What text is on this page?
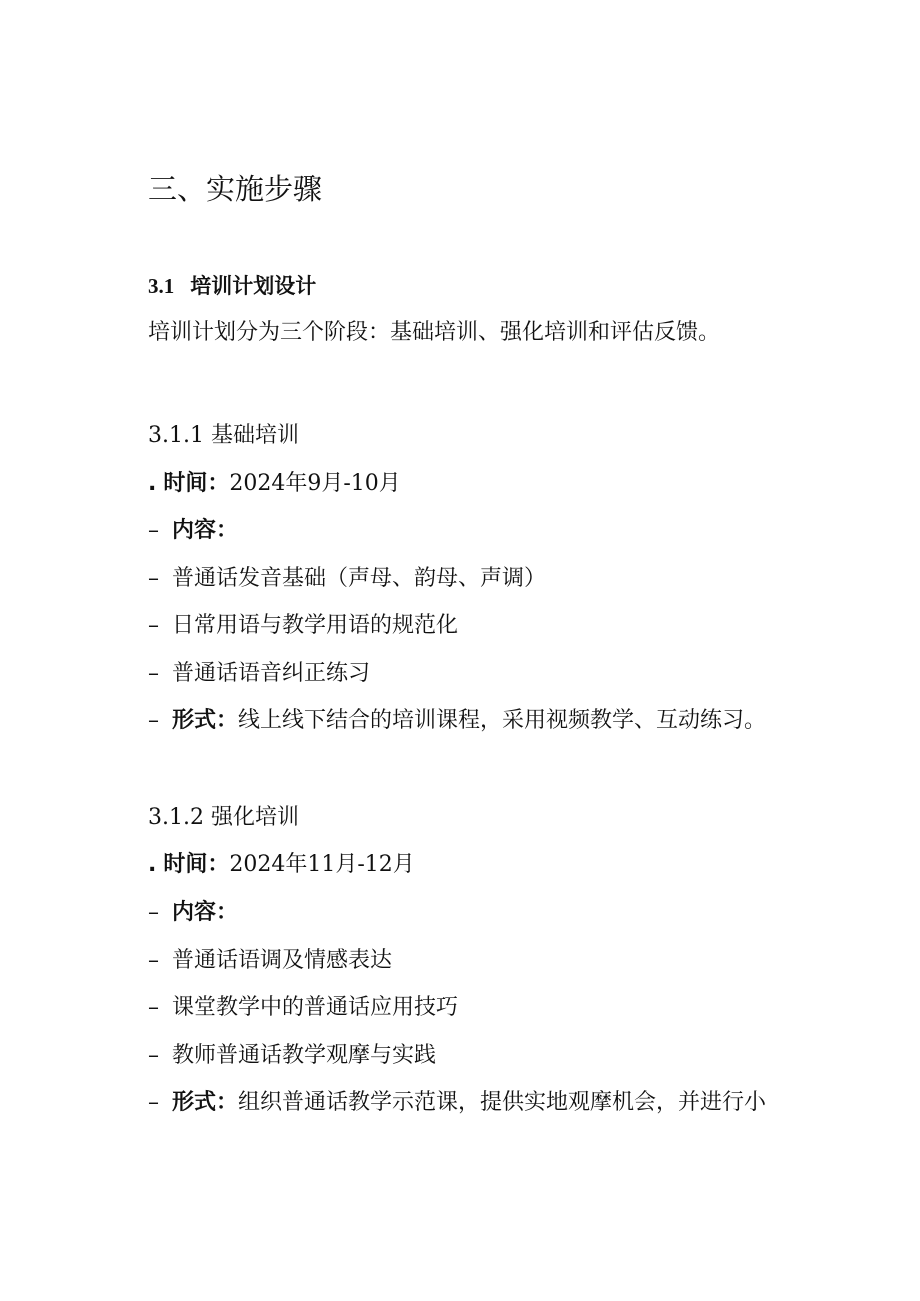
三、实施步骤
3.1 培训计划设计
培训计划分为三个阶段：基础培训、强化培训和评估反馈。
3.1.1 基础培训
. 时间：2024年9月-10月
– 内容：
– 普通话发音基础（声母、韵母、声调）
– 日常用语与教学用语的规范化
– 普通话语音纠正练习
– 形式：线上线下结合的培训课程，采用视频教学、互动练习。
3.1.2 强化培训
. 时间：2024年11月-12月
– 内容：
– 普通话语调及情感表达
– 课堂教学中的普通话应用技巧
– 教师普通话教学观摩与实践
– 形式：组织普通话教学示范课，提供实地观摩机会，并进行小
